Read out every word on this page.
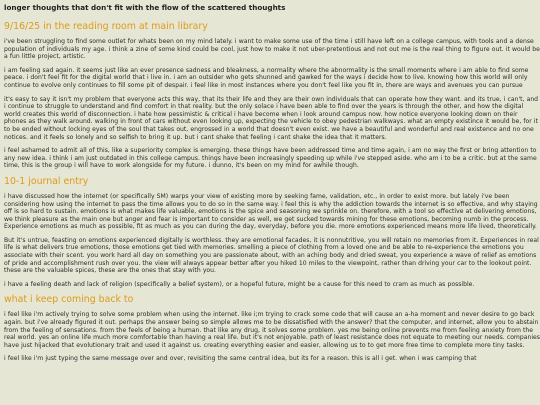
longer thoughts that don't fit with the flow of the scattered thoughts
9/16/25 in the reading room at main library

i've been struggling to find some outlet for whats been on my mind lately. i want to make some use of the time i still have left on a college campus, with tools and a dense population of individuals my age. i think a zine of some kind could be cool, just how to make it not uber-pretentious and not out me is the real thing to figure out. it would be a fun little project, artistic.

i am feeling sad again. it seems just like an ever presence sadness and bleakness, a normality where the abnormality is the small moments where i am able to find some peace. i don't feel fit for the digital world that i live in. i am an outsider who gets shunned and gawked for the ways i decide how to live. knowing how this world will only continue to evolve only continues to fill some pit of despair. i feel like in most instances where you don't feel like you fit in, there are ways and avenues you can pursue

it's easy to say it isn't my problem that everyone acts this way, that its their life and they are their own individuals that can operate how they want. and its true, i can't, and i continue to struggle to understand and find comfort in that reality. but the only solace i have been able to find over the years is through the other, and how the digital world creates this world of disconnection. i hate how pessimistic & critical i have become when i look around campus now. how notice everyone looking down on their phones as they walk around. walking in front of cars without even looking up, expecting the vehicle to obey pedestrian walkways. what an empty existince it would be, for it to be ended without locking eyes of the soul that takes out, engrossed in a world that doesn't even exist. we have a beautiful and wonderful and real existence and no one notices. and it feels so lonely and so selfish to bring it up. but i cant shake that feeling i cant shake the idea that it matters.

i feel ashamed to admit all of this, like a superiority complex is emerging. these things have been addressed time and time again, i am no way the first or bring attention to any new idea. i think i am just outdated in this college campus. things have been increasingly speeding up while i've stepped aside. who am i to be a critic. but at the same time, this is the group i will have to work alongside for my future. i dunno, it's been on my mind for awhile though.

10-1 journal entry

i have discussed how the internet (or specifically SM) warps your view of existing more by seeking fame, validation, etc., in order to exist more. but lately i've been considering how using the internet to pass the time allows you to do so in the same way. i feel this is why the addiction towards the internet is so effective, and why staying off is so hard to sustain. emotions is what makes life valuable, emotions is the spice and seasoning we sprinkle on. therefore, with a tool so effective at delivering emotions, we think pleasure as the main one but anger and fear is important to consider as well, we get sucked towards mining for these emotions, becoming numb in the process. Experience emotions as much as possible, fit as much as you can during the day, everyday, before you die. more emotions experienced means more life lived, theoretically.

But it's untrue, feasting on emotions experienced digitally is worthless. they are emotional facades, it is nonnutritive, you will retain no memories from it. Experiences in real life is what delivers true emotions, those emotions get tied with memories. smelling a piece of clothing from a loved one and be able to re-experience the emotions you associate with their scent. you work hard all day on something you are passionate about, with an aching body and dried sweat, you experience a wave of relief as emotions of pride and accomplishment rush over you. the view will always appear better after you hiked 10 miles to the viewpoint, rather than driving your car to the lookout point. these are the valuable spices, these are the ones that stay with you.

i have a feeling death and lack of religion (specifically a belief system), or a hopeful future, might be a cause for this need to cram as much as possible.

what i keep coming back to

i feel like i'm actively trying to solve some problem when using the internet. like i;m trying to crack some code that will cause an a-ha moment and never desire to go back again. but i've already figured it out. perhaps the answer being so simple allows me to be dissatisfied with the answer? that the computer, and internet, allow you to abstain from the feeling of sensations. from the feels of being a human. that like any drug, it solves some problem. yes me being online prevents me from feeling anxiety from the real world. yes an online life much more comfortable than having a real life. but it's not enjoyable. path of least resistance does not equate to meeting our needs. companies have just hijacked that evolutionary trait and used it against us. creating everything easier and easier, allowing us to to get more free time to complete more tiny tasks.

i feel like i'm just typing the same message over and over, revisiting the same central idea, but its for a reason. this is all i get. when i was camping that
